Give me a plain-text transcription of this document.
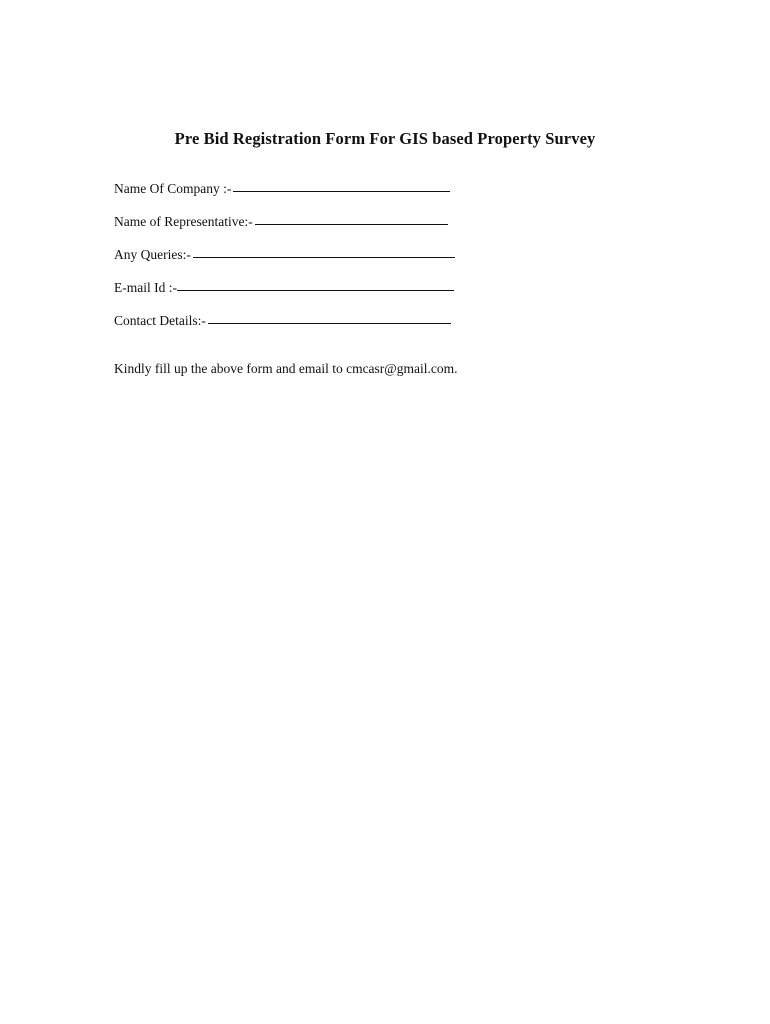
Pre Bid Registration Form For GIS based Property Survey
Name Of Company :-
Name of Representative:-
Any Queries:-
E-mail Id :-
Contact Details:-
Kindly fill up the above form and email to cmcasr@gmail.com.
